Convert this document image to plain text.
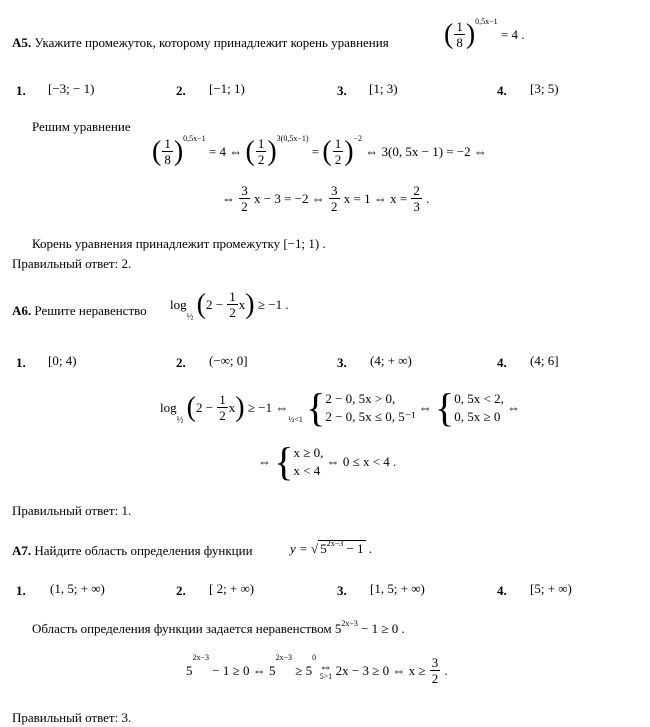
А5. Укажите промежуток, которому принадлежит корень уравнения ( $\frac{1}{8} )^{0,5x-1} = 4$ .
1. [−3; − 1)	2. [−1; 1)	3. [1; 3)	4. [3; 5)
Решим уравнение
( $\frac{1}{8} )^{0,5x-1} = 4$ ⇔ ( $\frac{1}{2} )^{3(0,5x-1)}$ = ( $\frac{1}{2} )^{-2}$ ⇔ 3(0, 5x − 1) = −2 ⇔
⇔ $\frac{3}{2}$ x − 3 = −2 ⇔ $\frac{3}{2}$ x = 1 ⇔ $x = \frac{2}{3}$ .
Корень уравнения принадлежит промежутку [−1; 1) .
Правильный ответ: 2.
А6. Решите неравенство $\log_{\frac{1}{2}} (2 - \frac{1}{2} x) \ge -1$ .
1. [0; 4)	2. (−∞; 0]	3. (4; + ∞)	4. (4; 6]
$\log_{\frac{1}{2}} (2 - \frac{1}{2} x) \ge -1$ ⇔
½<1
{ 2 − 0, 5x > 0,
2 − 0, 5x ≤ 0, 5⁻¹
⇔ { 0, 5x < 2,
0, 5x ≥ 0
⇔
⇔ { x ≥ 0,
x < 4
⇔ 0 ≤ x < 4 .
Правильный ответ: 1.
А7. Найдите область определения функции	y = √ $5^{2x-3} - 1$ .
1. (1, 5; + ∞)	2. [ 2; + ∞)	3. [1, 5; + ∞)	4. [5; + ∞)
Область определения функции задается неравенством $5^{2x-3} - 1 \ge 0$ .
$5^{2x-3} - 1 \ge 0$ ⇔ $5^{2x-3} \ge 5^0$
⇔
5>1 2x − 3 ≥ 0 ⇔ $x \ge \frac{3}{2}$ .
Правильный ответ: 3.
